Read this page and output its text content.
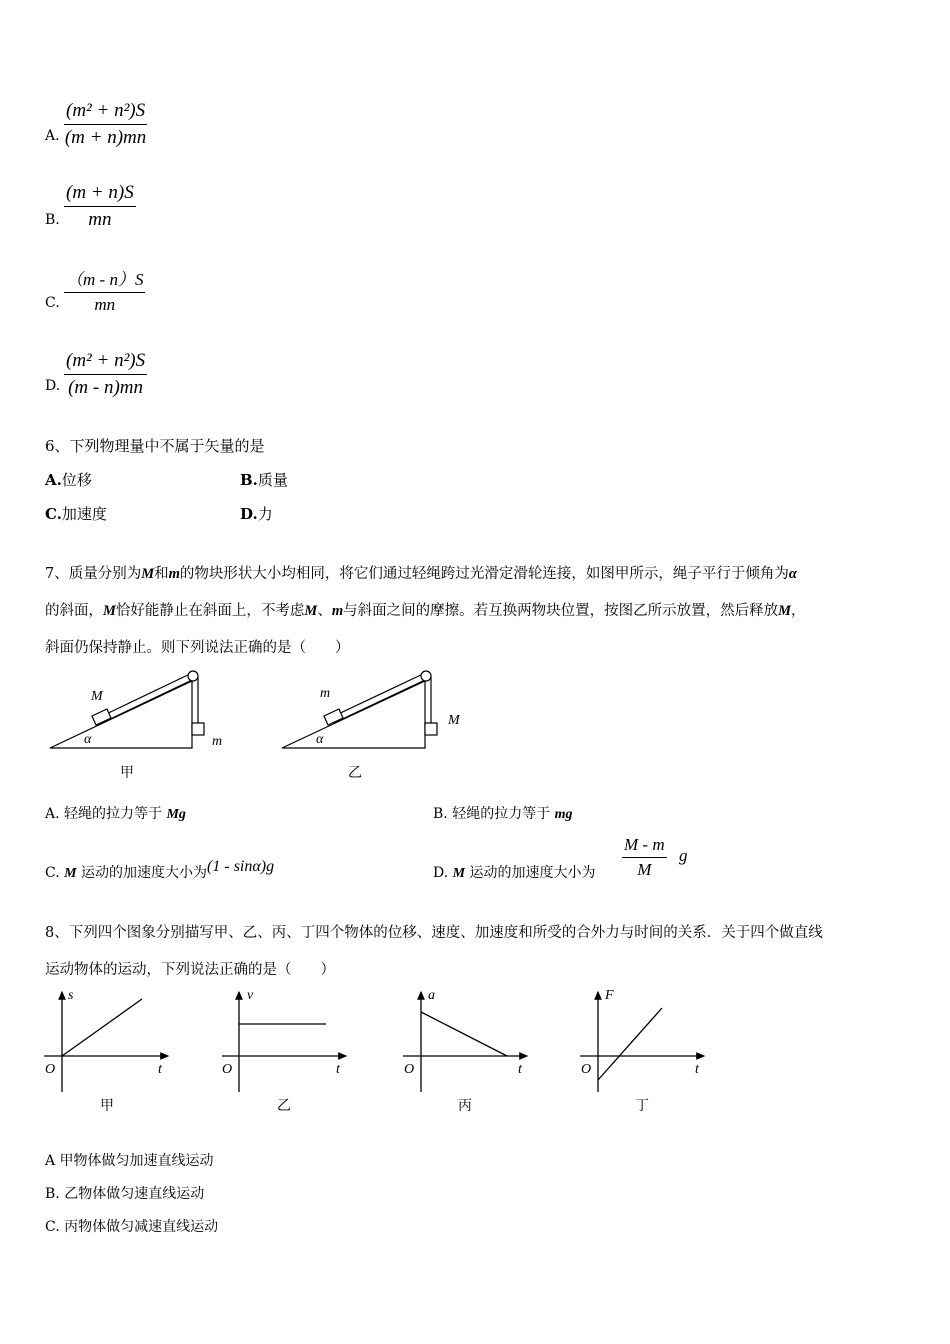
A. $\frac{\text{(m² + n²)S}}{(m + n)mn}$
B. $\frac{(m + n)S}{mn}$
C. $\frac{(m - n)S}{mn}$
D. $\frac{\text{(m² + n²)S}}{(m - n)mn}$
6、下列物理量中不属于矢量的是
A.位移	B.质量
C.加速度	D.力
7、质量分别为M和m的物块形状大小均相同，将它们通过轻绳跨过光滑定滑轮连接，如图甲所示，绳子平行于倾角为α
的斜面，M恰好能静止在斜面上，不考虑M、m与斜面之间的摩擦。若互换两物块位置，按图乙所示放置，然后释放M，
斜面仍保持静止。则下列说法正确的是（　　）
M
m
α
甲
m
M
α
乙
A. 轻绳的拉力等于 Mg	B. 轻绳的拉力等于 mg
C. M 运动的加速度大小为(1 - sinα)g	D. M 运动的加速度大小为 $\frac{M - m}{M}$ g
8、下列四个图象分别描写甲、乙、丙、丁四个物体的位移、速度、加速度和所受的合外力与时间的关系．关于四个做直线
运动物体的运动，下列说法正确的是（　　）
s
t
O
甲
v
t
O
乙
a
t
O
丙
F
t
O
丁
A 甲物体做匀加速直线运动
B. 乙物体做匀速直线运动
C. 丙物体做匀减速直线运动
